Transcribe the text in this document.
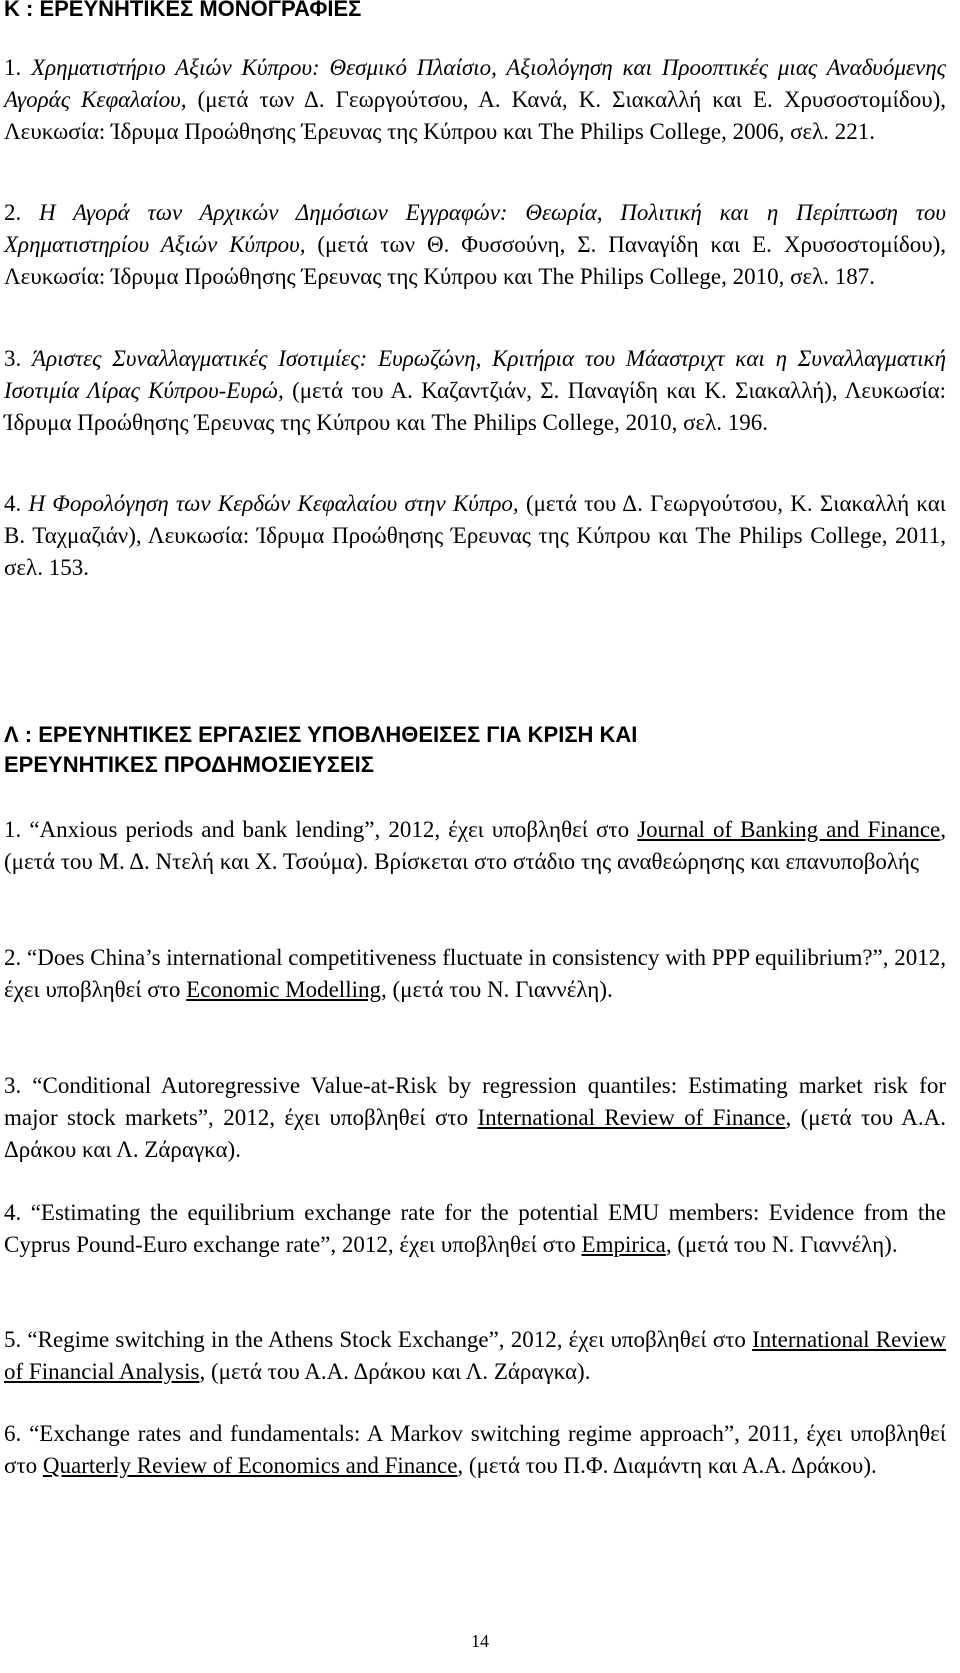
Κ : ΕΡΕΥΝΗΤΙΚΕΣ ΜΟΝΟΓΡΑΦΙΕΣ

1. Χρηματιστήριο Αξιών Κύπρου: Θεσμικό Πλαίσιο, Αξιολόγηση και Προοπτικές μιας Αναδυόμενης Αγοράς Κεφαλαίου, (μετά των Δ. Γεωργούτσου, Α. Κανά, Κ. Σιακαλλή και Ε. Χρυσοστομίδου), Λευκωσία: Ίδρυμα Προώθησης Έρευνας της Κύπρου και The Philips College, 2006, σελ. 221.

2. Η Αγορά των Αρχικών Δημόσιων Εγγραφών: Θεωρία, Πολιτική και η Περίπτωση του Χρηματιστηρίου Αξιών Κύπρου, (μετά των Θ. Φυσσούνη, Σ. Παναγίδη και Ε. Χρυσοστομίδου), Λευκωσία: Ίδρυμα Προώθησης Έρευνας της Κύπρου και The Philips College, 2010, σελ. 187.

3. Άριστες Συναλλαγματικές Ισοτιμίες: Ευρωζώνη, Κριτήρια του Μάαστριχτ και η Συναλλαγματική Ισοτιμία Λίρας Κύπρου-Ευρώ, (μετά του Α. Καζαντζιάν, Σ. Παναγίδη και Κ. Σιακαλλή), Λευκωσία: Ίδρυμα Προώθησης Έρευνας της Κύπρου και The Philips College, 2010, σελ. 196.

4. Η Φορολόγηση των Κερδών Κεφαλαίου στην Κύπρο, (μετά του Δ. Γεωργούτσου, Κ. Σιακαλλή και Β. Ταχμαζιάν), Λευκωσία: Ίδρυμα Προώθησης Έρευνας της Κύπρου και The Philips College, 2011, σελ. 153.

Λ : ΕΡΕΥΝΗΤΙΚΕΣ ΕΡΓΑΣΙΕΣ ΥΠΟΒΛΗΘΕΙΣΕΣ ΓΙΑ ΚΡΙΣΗ ΚΑΙ
ΕΡΕΥΝΗΤΙΚΕΣ ΠΡΟΔΗΜΟΣΙΕΥΣΕΙΣ

1. “Anxious periods and bank lending”, 2012, έχει υποβληθεί στο Journal of Banking and Finance, (μετά του Μ. Δ. Ντελή και Χ. Τσούμα). Βρίσκεται στο στάδιο της αναθεώρησης και επανυποβολής

2. “Does China’s international competitiveness fluctuate in consistency with PPP equilibrium?”, 2012, έχει υποβληθεί στο Economic Modelling, (μετά του Ν. Γιαννέλη).

3. “Conditional Autoregressive Value-at-Risk by regression quantiles: Estimating market risk for major stock markets”, 2012, έχει υποβληθεί στο International Review of Finance, (μετά του Α.Α. Δράκου και Λ. Ζάραγκα).

4. “Estimating the equilibrium exchange rate for the potential EMU members: Evidence from the Cyprus Pound-Euro exchange rate”, 2012, έχει υποβληθεί στο Empirica, (μετά του Ν. Γιαννέλη).

5. “Regime switching in the Athens Stock Exchange”, 2012, έχει υποβληθεί στο International Review of Financial Analysis, (μετά του Α.Α. Δράκου και Λ. Ζάραγκα).

6. “Exchange rates and fundamentals: A Markov switching regime approach”, 2011, έχει υποβληθεί στο Quarterly Review of Economics and Finance, (μετά του Π.Φ. Διαμάντη και Α.Α. Δράκου).

14
